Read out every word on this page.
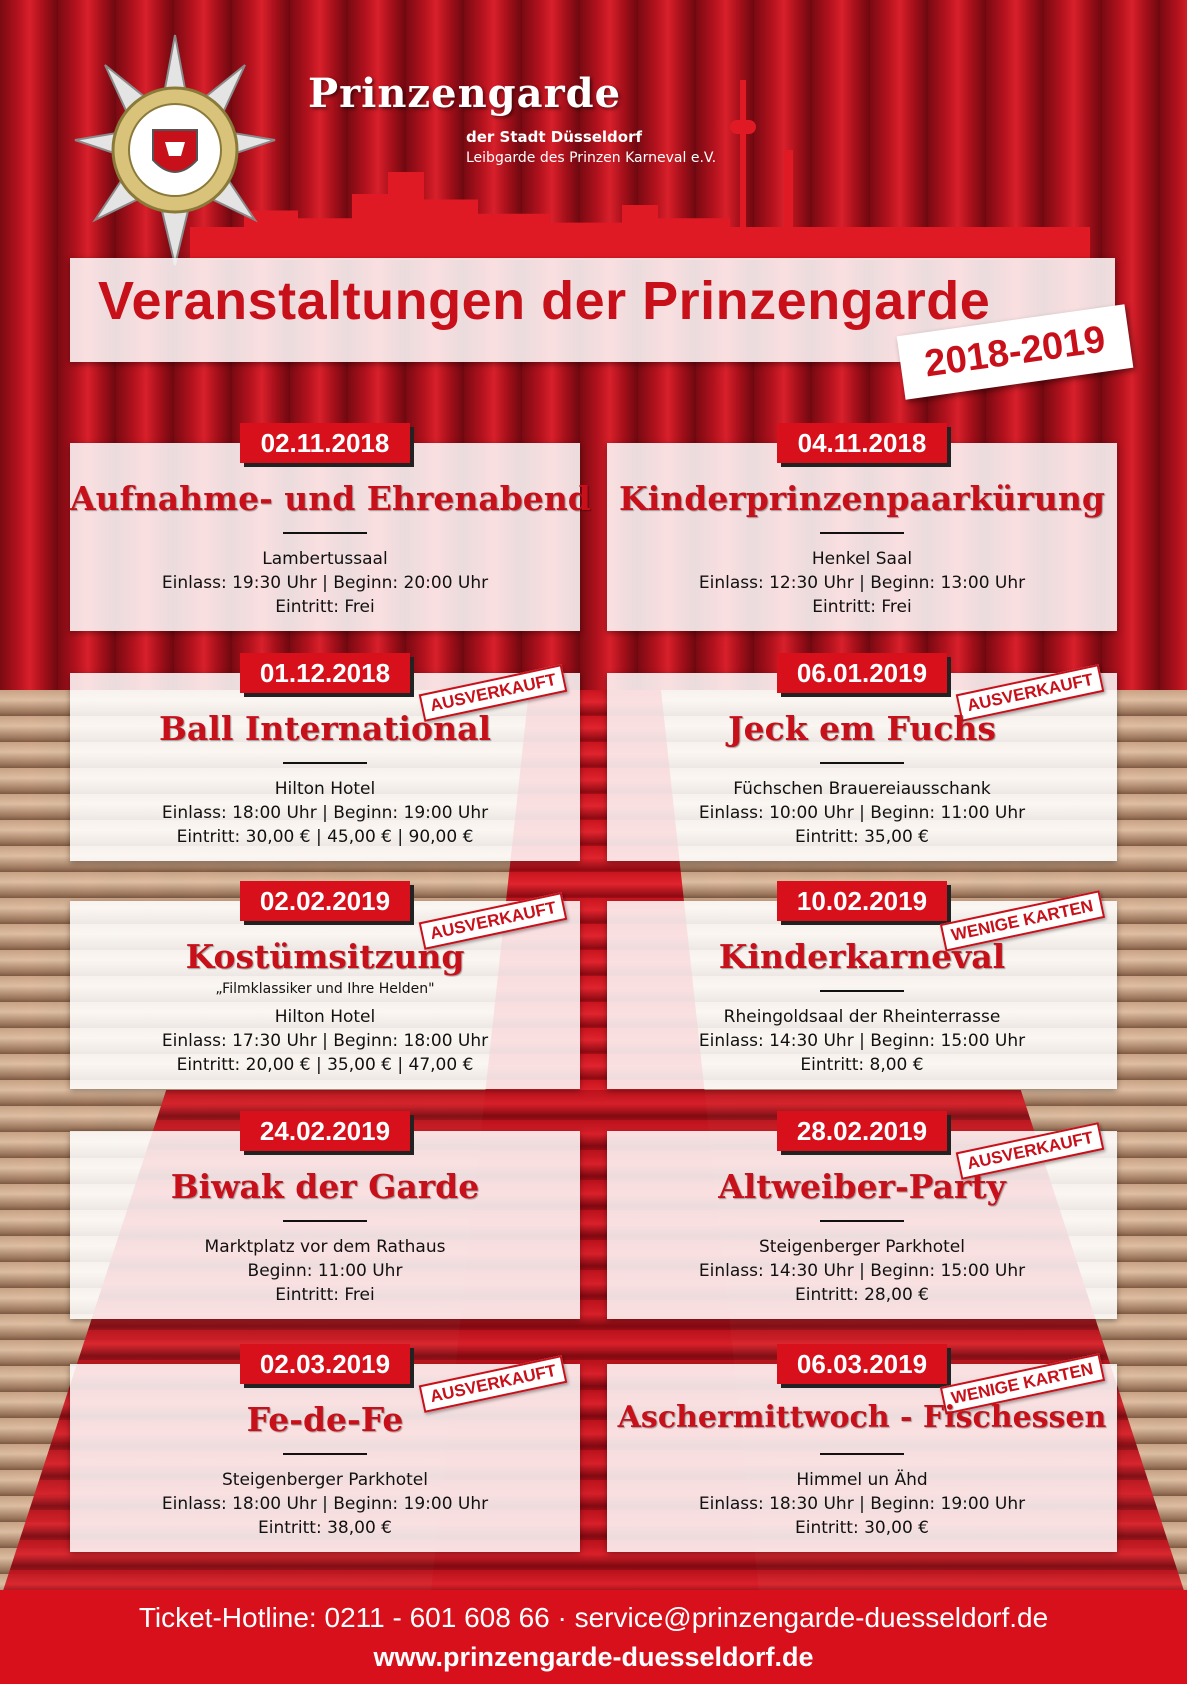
Prinzengarde
der Stadt Düsseldorf
Leibgarde des Prinzen Karneval e.V.
Veranstaltungen der Prinzengarde
2018-2019
02.11.2018
Aufnahme- und Ehrenabend
Lambertussaal
Einlass: 19:30 Uhr | Beginn: 20:00 Uhr
Eintritt: Frei
04.11.2018
Kinderprinzenpaarkürung
Henkel Saal
Einlass: 12:30 Uhr | Beginn: 13:00 Uhr
Eintritt: Frei
01.12.2018	AUSVERKAUFT
Ball International
Hilton Hotel
Einlass: 18:00 Uhr | Beginn: 19:00 Uhr
Eintritt: 30,00 € | 45,00 € | 90,00 €
06.01.2019	AUSVERKAUFT
Jeck em Fuchs
Füchschen Brauereiausschank
Einlass: 10:00 Uhr | Beginn: 11:00 Uhr
Eintritt: 35,00 €
02.02.2019	AUSVERKAUFT
Kostümsitzung
„Filmklassiker und Ihre Helden"
Hilton Hotel
Einlass: 17:30 Uhr | Beginn: 18:00 Uhr
Eintritt: 20,00 € | 35,00 € | 47,00 €
10.02.2019	WENIGE KARTEN
Kinderkarneval
Rheingoldsaal der Rheinterrasse
Einlass: 14:30 Uhr | Beginn: 15:00 Uhr
Eintritt: 8,00 €
24.02.2019
Biwak der Garde
Marktplatz vor dem Rathaus
Beginn: 11:00 Uhr
Eintritt: Frei
28.02.2019	AUSVERKAUFT
Altweiber-Party
Steigenberger Parkhotel
Einlass: 14:30 Uhr | Beginn: 15:00 Uhr
Eintritt: 28,00 €
02.03.2019	AUSVERKAUFT
Fe-de-Fe
Steigenberger Parkhotel
Einlass: 18:00 Uhr | Beginn: 19:00 Uhr
Eintritt: 38,00 €
06.03.2019	WENIGE KARTEN
Aschermittwoch - Fischessen
Himmel un Ähd
Einlass: 18:30 Uhr | Beginn: 19:00 Uhr
Eintritt: 30,00 €
Ticket-Hotline: 0211 - 601 608 66 · service@prinzengarde-duesseldorf.de
www.prinzengarde-duesseldorf.de
